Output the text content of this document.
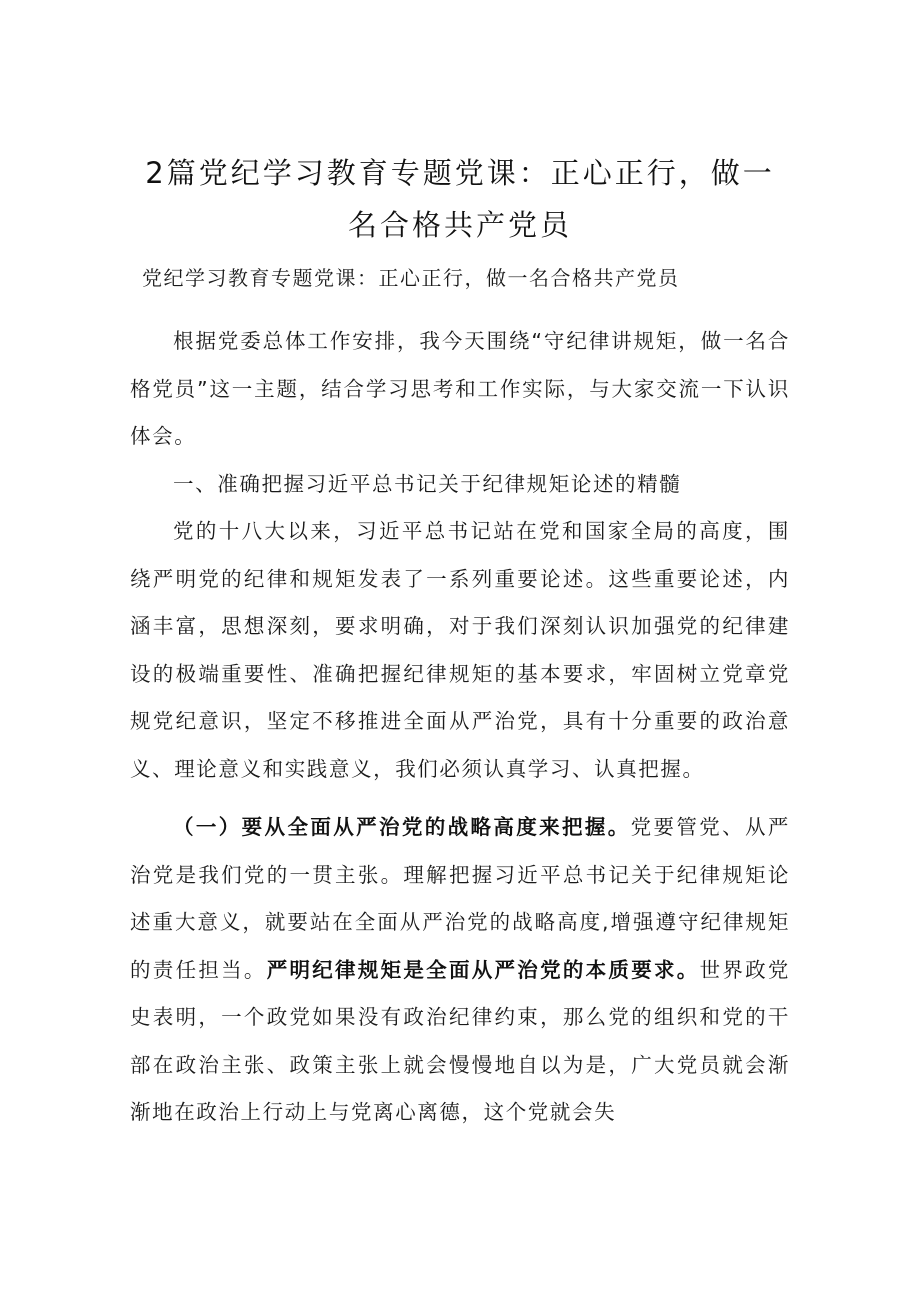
2篇党纪学习教育专题党课：正心正行，做一
名合格共产党员
党纪学习教育专题党课：正心正行，做一名合格共产党员

根据党委总体工作安排，我今天围绕“守纪律讲规矩，做一名合格党员”这一主题，结合学习思考和工作实际，与大家交流一下认识体会。

一、准确把握习近平总书记关于纪律规矩论述的精髓

党的十八大以来，习近平总书记站在党和国家全局的高度，围绕严明党的纪律和规矩发表了一系列重要论述。这些重要论述，内涵丰富，思想深刻，要求明确，对于我们深刻认识加强党的纪律建设的极端重要性、准确把握纪律规矩的基本要求，牢固树立党章党规党纪意识，坚定不移推进全面从严治党，具有十分重要的政治意义、理论意义和实践意义，我们必须认真学习、认真把握。

（一）要从全面从严治党的战略高度来把握。党要管党、从严治党是我们党的一贯主张。理解把握习近平总书记关于纪律规矩论述重大意义，就要站在全面从严治党的战略高度,增强遵守纪律规矩的责任担当。严明纪律规矩是全面从严治党的本质要求。世界政党史表明，一个政党如果没有政治纪律约束，那么党的组织和党的干部在政治主张、政策主张上就会慢慢地自以为是，广大党员就会渐渐地在政治上行动上与党离心离德，这个党就会失
